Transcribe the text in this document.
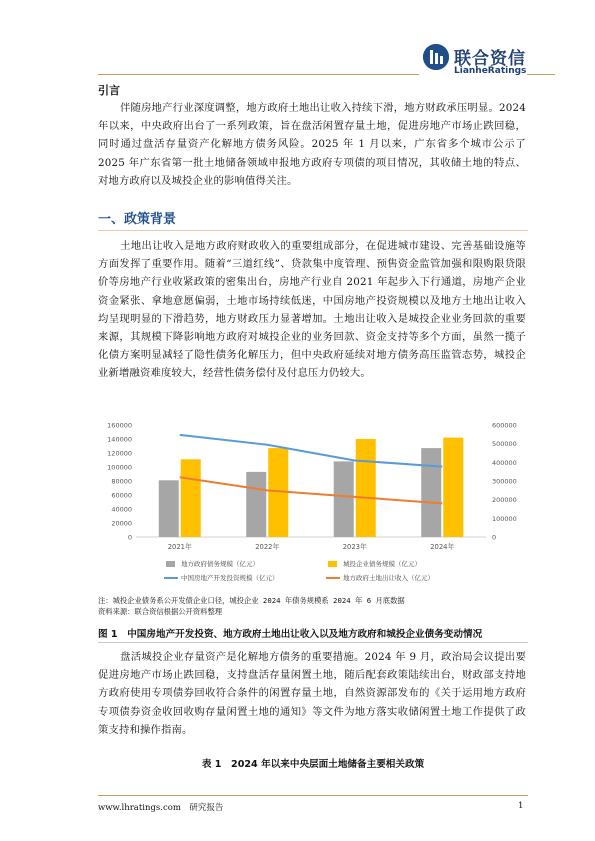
联合资信
LianheRatings
引言
伴随房地产行业深度调整，地方政府土地出让收入持续下滑，地方财政承压明显。2024 年以来，中央政府出台了一系列政策，旨在盘活闲置存量土地，促进房地产市场止跌回稳，同时通过盘活存量资产化解地方债务风险。2025 年 1 月以来，广东省多个城市公示了 2025 年广东省第一批土地储备领域申报地方政府专项债的项目情况，其收储土地的特点、对地方政府以及城投企业的影响值得关注。
一、政策背景
土地出让收入是地方政府财政收入的重要组成部分，在促进城市建设、完善基础设施等方面发挥了重要作用。随着“三道红线”、贷款集中度管理、预售资金监管加强和限购限贷限价等房地产行业收紧政策的密集出台，房地产行业自 2021 年起步入下行通道，房地产企业资金紧张、拿地意愿偏弱，土地市场持续低迷，中国房地产投资规模以及地方土地出让收入均呈现明显的下滑趋势，地方财政压力显著增加。土地出让收入是城投企业业务回款的重要来源，其规模下降影响地方政府对城投企业的业务回款、资金支持等多个方面，虽然一揽子化债方案明显减轻了隐性债务化解压力，但中央政府延续对地方债务高压监管态势，城投企业新增融资难度较大，经营性债务偿付及付息压力仍较大。
0
20000
40000
60000
80000
100000
120000
140000
160000
0
100000
200000
300000
400000
500000
600000
2021年	2022年	2023年	2024年
地方政府债务规模（亿元）	城投企业债务规模（亿元）
中国房地产开发投资规模（亿元）	地方政府土地出让收入（亿元）
注：城投企业债务系公开发债企业口径，城投企业 2024 年债务规模系 2024 年 6 月底数据
资料来源：联合资信根据公开资料整理
图 1　中国房地产开发投资、地方政府土地出让收入以及地方政府和城投企业债务变动情况
盘活城投企业存量资产是化解地方债务的重要措施。2024 年 9 月，政治局会议提出要促进房地产市场止跌回稳，支持盘活存量闲置土地，随后配套政策陆续出台，财政部支持地方政府使用专项债券回收符合条件的闲置存量土地，自然资源部发布的《关于运用地方政府专项债券资金收回收购存量闲置土地的通知》等文件为地方落实收储闲置土地工作提供了政策支持和操作指南。
表 1　2024 年以来中央层面土地储备主要相关政策
www.lhratings.com　研究报告	1
